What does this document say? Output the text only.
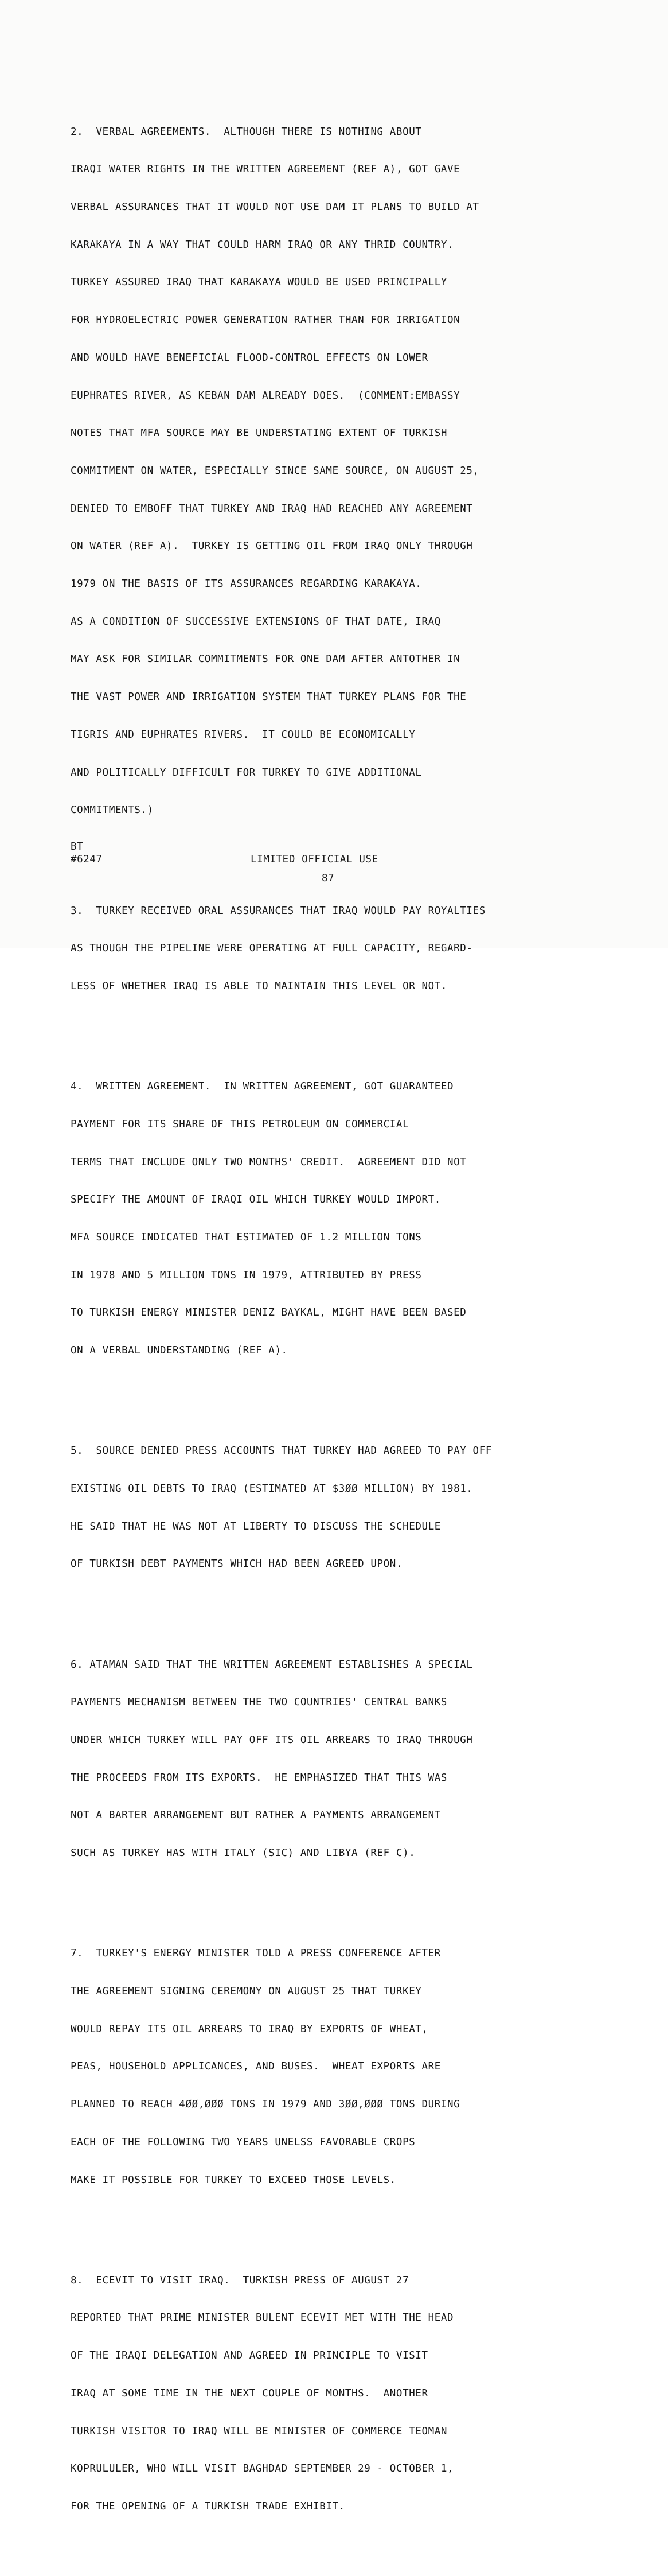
2.  VERBAL AGREEMENTS.  ALTHOUGH THERE IS NOTHING ABOUT

IRAQI WATER RIGHTS IN THE WRITTEN AGREEMENT (REF A), GOT GAVE

VERBAL ASSURANCES THAT IT WOULD NOT USE DAM IT PLANS TO BUILD AT

KARAKAYA IN A WAY THAT COULD HARM IRAQ OR ANY THRID COUNTRY.

TURKEY ASSURED IRAQ THAT KARAKAYA WOULD BE USED PRINCIPALLY

FOR HYDROELECTRIC POWER GENERATION RATHER THAN FOR IRRIGATION

AND WOULD HAVE BENEFICIAL FLOOD-CONTROL EFFECTS ON LOWER

EUPHRATES RIVER, AS KEBAN DAM ALREADY DOES.  (COMMENT:EMBASSY

NOTES THAT MFA SOURCE MAY BE UNDERSTATING EXTENT OF TURKISH

COMMITMENT ON WATER, ESPECIALLY SINCE SAME SOURCE, ON AUGUST 25,

DENIED TO EMBOFF THAT TURKEY AND IRAQ HAD REACHED ANY AGREEMENT

ON WATER (REF A).  TURKEY IS GETTING OIL FROM IRAQ ONLY THROUGH

1979 ON THE BASIS OF ITS ASSURANCES REGARDING KARAKAYA.

AS A CONDITION OF SUCCESSIVE EXTENSIONS OF THAT DATE, IRAQ

MAY ASK FOR SIMILAR COMMITMENTS FOR ONE DAM AFTER ANTOTHER IN

THE VAST POWER AND IRRIGATION SYSTEM THAT TURKEY PLANS FOR THE

TIGRIS AND EUPHRATES RIVERS.  IT COULD BE ECONOMICALLY

AND POLITICALLY DIFFICULT FOR TURKEY TO GIVE ADDITIONAL

COMMITMENTS.)

3.  TURKEY RECEIVED ORAL ASSURANCES THAT IRAQ WOULD PAY ROYALTIES

AS THOUGH THE PIPELINE WERE OPERATING AT FULL CAPACITY, REGARD-

LESS OF WHETHER IRAQ IS ABLE TO MAINTAIN THIS LEVEL OR NOT.

4.  WRITTEN AGREEMENT.  IN WRITTEN AGREEMENT, GOT GUARANTEED

PAYMENT FOR ITS SHARE OF THIS PETROLEUM ON COMMERCIAL

TERMS THAT INCLUDE ONLY TWO MONTHS' CREDIT.  AGREEMENT DID NOT

SPECIFY THE AMOUNT OF IRAQI OIL WHICH TURKEY WOULD IMPORT.

MFA SOURCE INDICATED THAT ESTIMATED OF 1.2 MILLION TONS

IN 1978 AND 5 MILLION TONS IN 1979, ATTRIBUTED BY PRESS

TO TURKISH ENERGY MINISTER DENIZ BAYKAL, MIGHT HAVE BEEN BASED

ON A VERBAL UNDERSTANDING (REF A).

5.  SOURCE DENIED PRESS ACCOUNTS THAT TURKEY HAD AGREED TO PAY OFF

EXISTING OIL DEBTS TO IRAQ (ESTIMATED AT $3ØØ MILLION) BY 1981.

HE SAID THAT HE WAS NOT AT LIBERTY TO DISCUSS THE SCHEDULE

OF TURKISH DEBT PAYMENTS WHICH HAD BEEN AGREED UPON.

6. ATAMAN SAID THAT THE WRITTEN AGREEMENT ESTABLISHES A SPECIAL

PAYMENTS MECHANISM BETWEEN THE TWO COUNTRIES' CENTRAL BANKS

UNDER WHICH TURKEY WILL PAY OFF ITS OIL ARREARS TO IRAQ THROUGH

THE PROCEEDS FROM ITS EXPORTS.  HE EMPHASIZED THAT THIS WAS

NOT A BARTER ARRANGEMENT BUT RATHER A PAYMENTS ARRANGEMENT

SUCH AS TURKEY HAS WITH ITALY (SIC) AND LIBYA (REF C).

7.  TURKEY'S ENERGY MINISTER TOLD A PRESS CONFERENCE AFTER

THE AGREEMENT SIGNING CEREMONY ON AUGUST 25 THAT TURKEY

WOULD REPAY ITS OIL ARREARS TO IRAQ BY EXPORTS OF WHEAT,

PEAS, HOUSEHOLD APPLICANCES, AND BUSES.  WHEAT EXPORTS ARE

PLANNED TO REACH 4ØØ,ØØØ TONS IN 1979 AND 3ØØ,ØØØ TONS DURING

EACH OF THE FOLLOWING TWO YEARS UNELSS FAVORABLE CROPS

MAKE IT POSSIBLE FOR TURKEY TO EXCEED THOSE LEVELS.

8.  ECEVIT TO VISIT IRAQ.  TURKISH PRESS OF AUGUST 27

REPORTED THAT PRIME MINISTER BULENT ECEVIT MET WITH THE HEAD

OF THE IRAQI DELEGATION AND AGREED IN PRINCIPLE TO VISIT

IRAQ AT SOME TIME IN THE NEXT COUPLE OF MONTHS.  ANOTHER

TURKISH VISITOR TO IRAQ WILL BE MINISTER OF COMMERCE TEOMAN

KOPRULULER, WHO WILL VISIT BAGHDAD SEPTEMBER 29 - OCTOBER 1,

FOR THE OPENING OF A TURKISH TRADE EXHIBIT.

BT
#6247	LIMITED OFFICIAL USE
87
